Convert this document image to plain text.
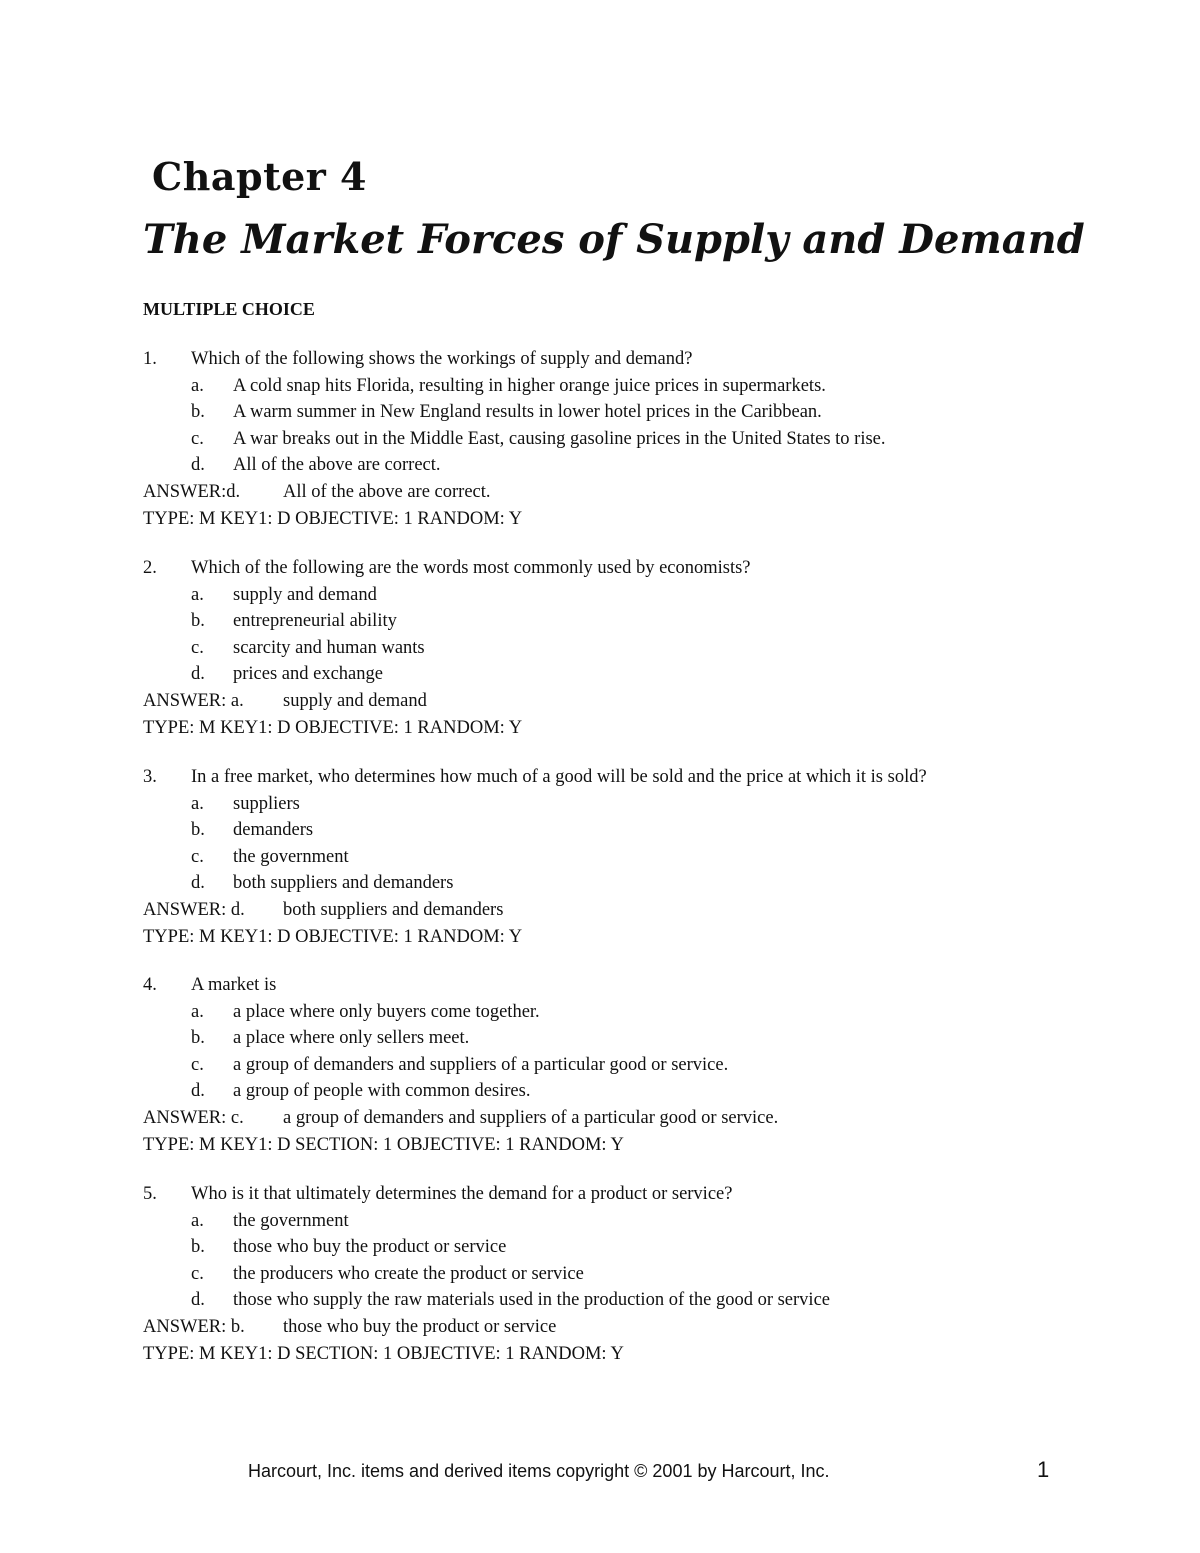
Chapter 4
The Market Forces of Supply and Demand
MULTIPLE CHOICE
1. Which of the following shows the workings of supply and demand?
a. A cold snap hits Florida, resulting in higher orange juice prices in supermarkets.
b. A warm summer in New England results in lower hotel prices in the Caribbean.
c. A war breaks out in the Middle East, causing gasoline prices in the United States to rise.
d. All of the above are correct.
ANSWER:d. All of the above are correct.
TYPE: M KEY1: D OBJECTIVE: 1 RANDOM: Y
2. Which of the following are the words most commonly used by economists?
a. supply and demand
b. entrepreneurial ability
c. scarcity and human wants
d. prices and exchange
ANSWER: a. supply and demand
TYPE: M KEY1: D OBJECTIVE: 1 RANDOM: Y
3. In a free market, who determines how much of a good will be sold and the price at which it is sold?
a. suppliers
b. demanders
c. the government
d. both suppliers and demanders
ANSWER: d. both suppliers and demanders
TYPE: M KEY1: D OBJECTIVE: 1 RANDOM: Y
4. A market is
a. a place where only buyers come together.
b. a place where only sellers meet.
c. a group of demanders and suppliers of a particular good or service.
d. a group of people with common desires.
ANSWER: c. a group of demanders and suppliers of a particular good or service.
TYPE: M KEY1: D SECTION: 1 OBJECTIVE: 1 RANDOM: Y
5. Who is it that ultimately determines the demand for a product or service?
a. the government
b. those who buy the product or service
c. the producers who create the product or service
d. those who supply the raw materials used in the production of the good or service
ANSWER: b. those who buy the product or service
TYPE: M KEY1: D SECTION: 1 OBJECTIVE: 1 RANDOM: Y
Harcourt, Inc. items and derived items copyright © 2001 by Harcourt, Inc.	1
